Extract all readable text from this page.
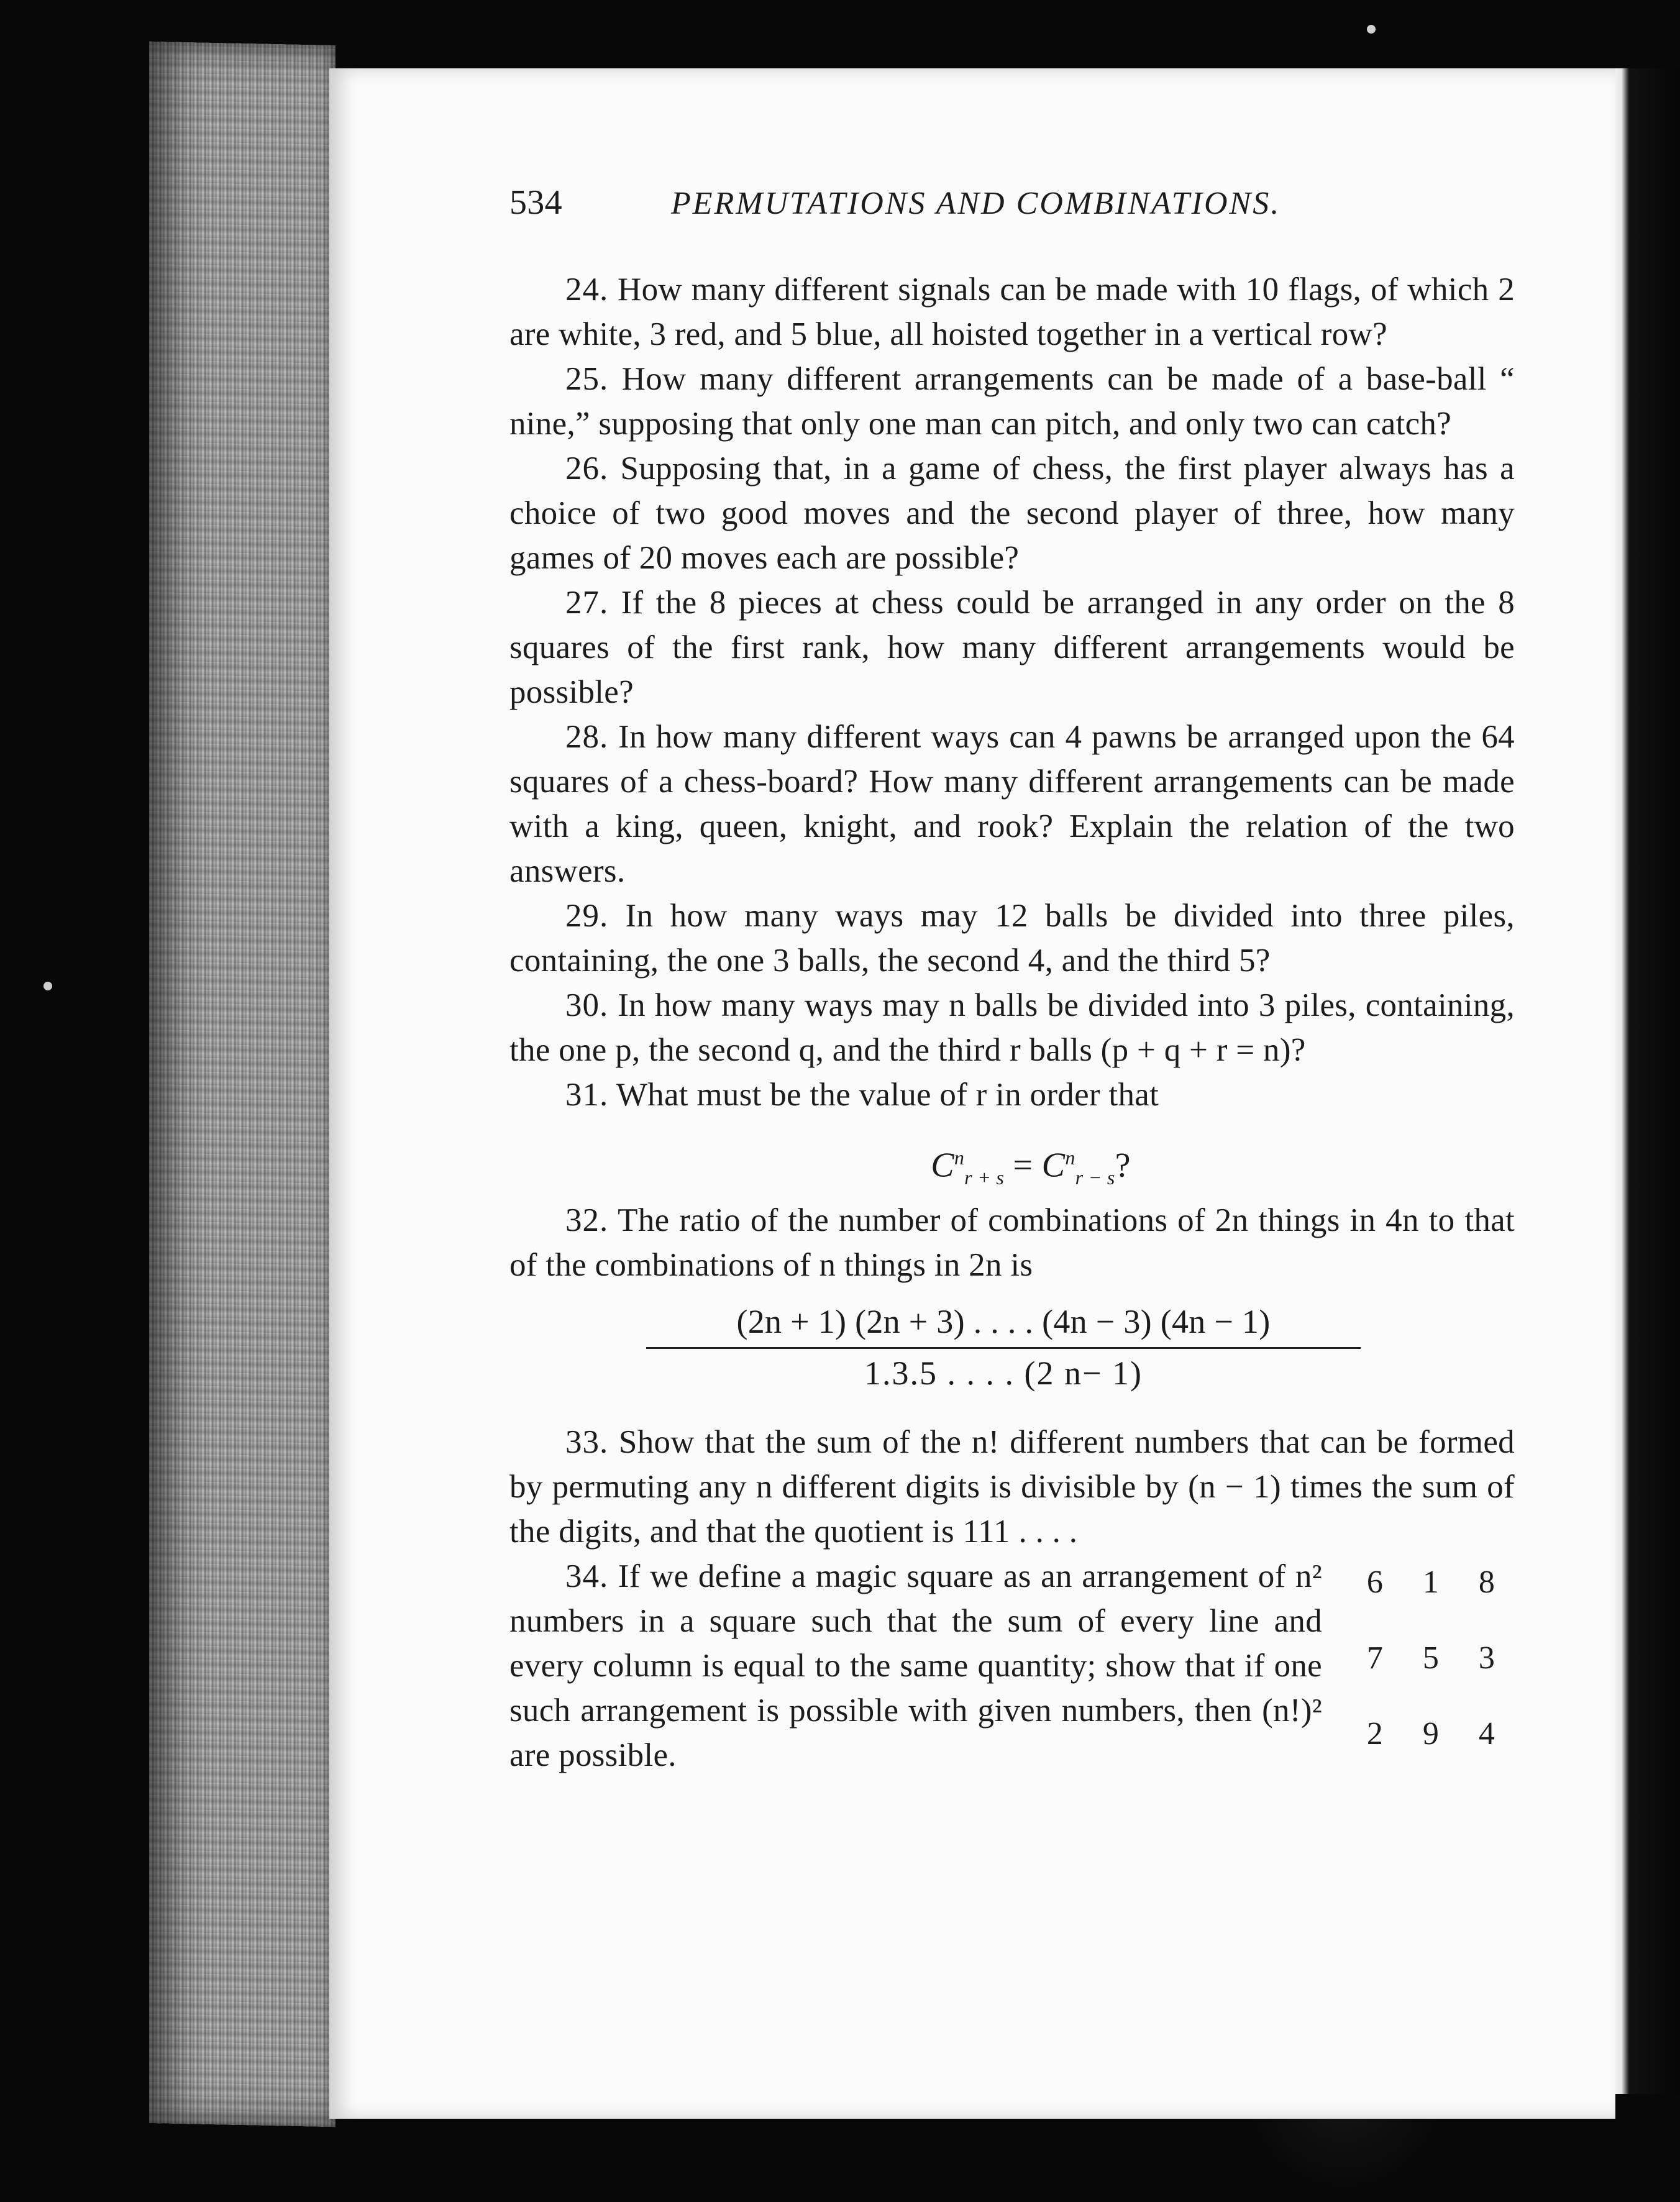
534	PERMUTATIONS AND COMBINATIONS.

24. How many different signals can be made with 10 flags, of which 2 are white, 3 red, and 5 blue, all hoisted together in a vertical row?

25. How many different arrangements can be made of a base-ball “ nine,” supposing that only one man can pitch, and only two can catch?

26. Supposing that, in a game of chess, the first player always has a choice of two good moves and the second player of three, how many games of 20 moves each are possible?

27. If the 8 pieces at chess could be arranged in any order on the 8 squares of the first rank, how many different arrangements would be possible?

28. In how many different ways can 4 pawns be arranged upon the 64 squares of a chess-board? How many different arrangements can be made with a king, queen, knight, and rook? Explain the relation of the two answers.

29. In how many ways may 12 balls be divided into three piles, containing, the one 3 balls, the second 4, and the third 5?

30. In how many ways may n balls be divided into 3 piles, containing, the one p, the second q, and the third r balls (p + q + r = n)?

31. What must be the value of r in order that

$C^n_{r + s} = C^n_{r - s}$?

32. The ratio of the number of combinations of 2n things in 4n to that of the combinations of n things in 2n is

(2n + 1) (2n + 3) . . . . (4n − 3) (4n − 1)
1.3.5 . . . . (2 n− 1)

33. Show that the sum of the n! different numbers that can be formed by permuting any n different digits is divisible by (n − 1) times the sum of the digits, and that the quotient is 111 . . . .

34. If we define a magic square as an arrangement of n² numbers in a square such that the sum of every line and every column is equal to the same quantity; show that if one such arrangement is possible with given numbers, then (n!)² are possible.

6	1	8
7	5	3
2	9	4
